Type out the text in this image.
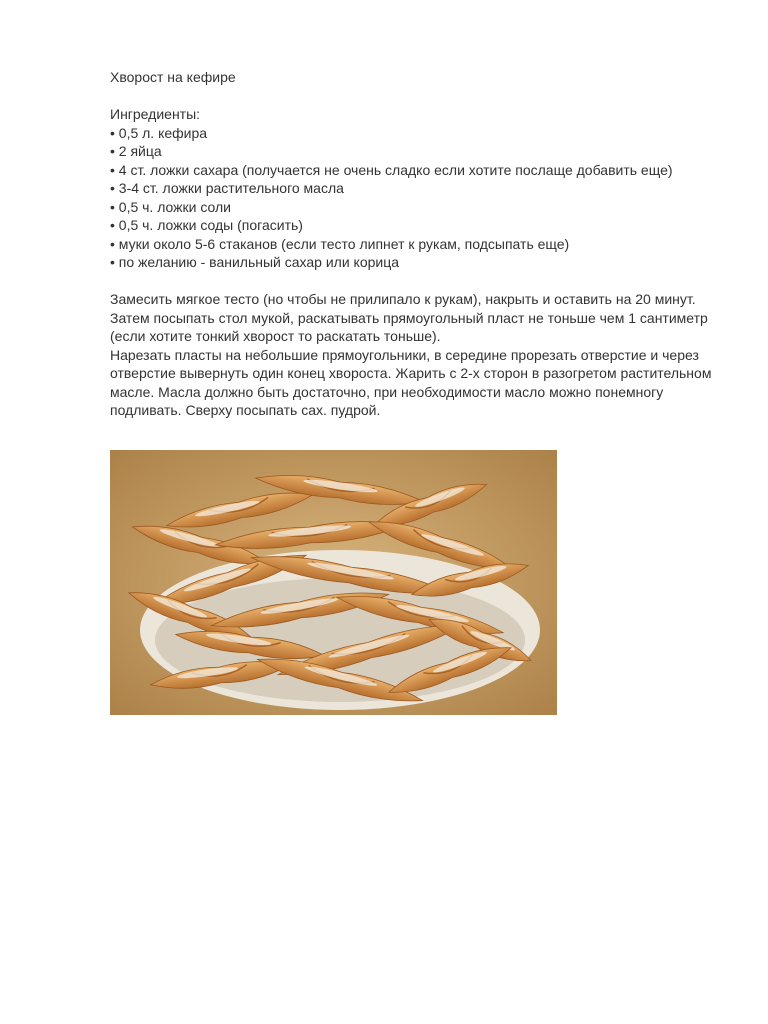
Хворост на кефире

Ингредиенты:

• 0,5 л. кефира
• 2 яйца
• 4 ст. ложки сахара (получается не очень сладко если хотите послаще добавить еще)
• 3-4 ст. ложки растительного масла
• 0,5 ч. ложки соли
• 0,5 ч. ложки соды (погасить)
• муки около 5-6 стаканов (если тесто липнет к рукам, подсыпать еще)
• по желанию - ванильный сахар или корица

Замесить мягкое тесто (но чтобы не прилипало к рукам), накрыть и оставить на 20 минут.

Затем посыпать стол мукой, раскатывать прямоугольный пласт не тоньше чем 1 сантиметр (если хотите тонкий хворост то раскатать тоньше).

Нарезать пласты на небольшие прямоугольники, в середине прорезать отверстие и через отверстие вывернуть один конец хвороста. Жарить с 2-х сторон в разогретом растительном масле. Масла должно быть достаточно, при необходимости масло можно понемногу подливать. Сверху посыпать сах. пудрой.
